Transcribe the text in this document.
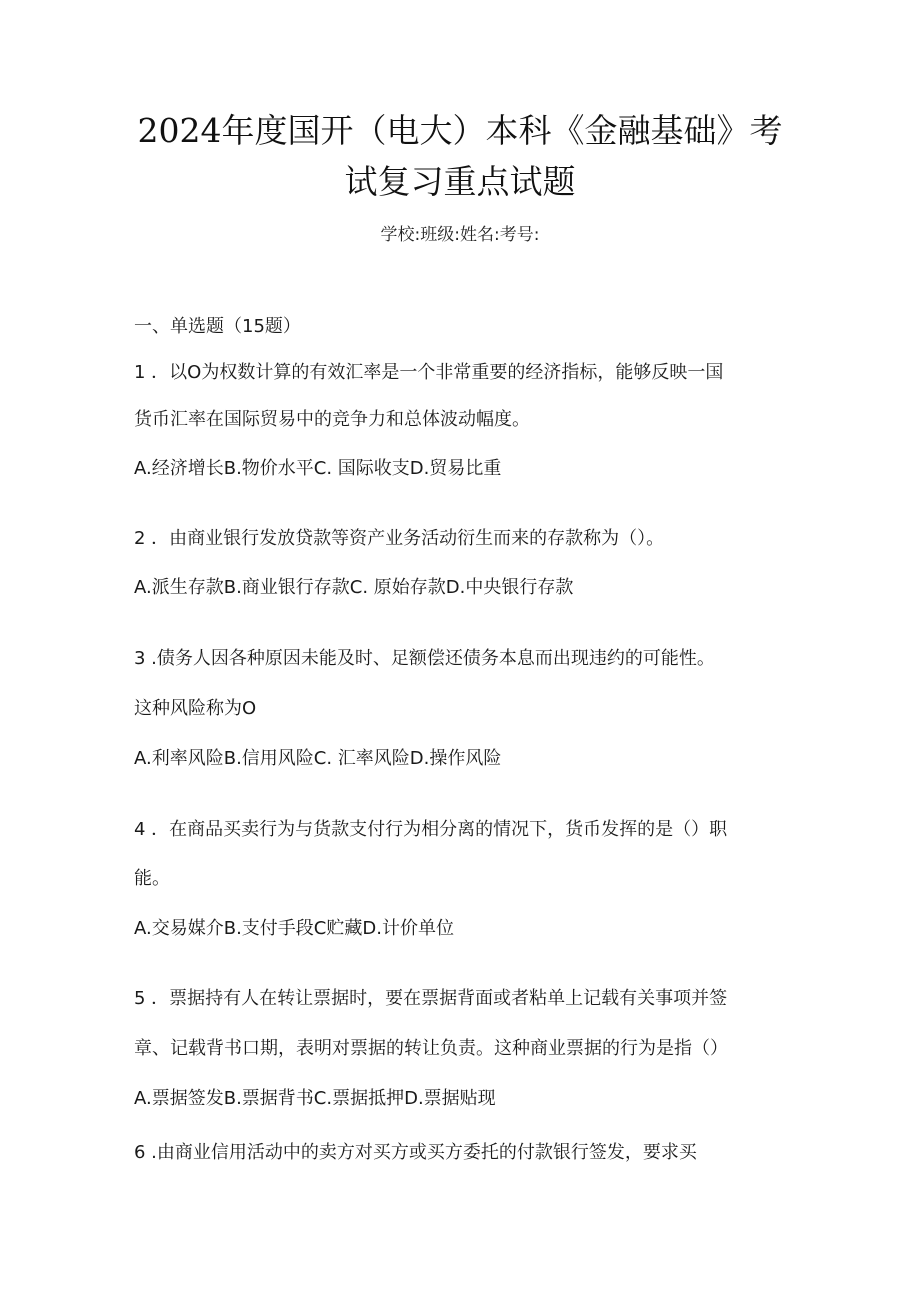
2024年度国开（电大）本科《金融基础》考
试复习重点试题
学校:班级:姓名:考号:
一、单选题（15题）
1 ．以O为权数计算的有效汇率是一个非常重要的经济指标，能够反映一国
货币汇率在国际贸易中的竞争力和总体波动幅度。
A.经济增长B.物价水平C. 国际收支D.贸易比重
2 ．由商业银行发放贷款等资产业务活动衍生而来的存款称为（）。
A.派生存款B.商业银行存款C. 原始存款D.中央银行存款
3 .债务人因各种原因未能及时、足额偿还债务本息而出现违约的可能性。
这种风险称为O
A.利率风险B.信用风险C. 汇率风险D.操作风险
4 ．在商品买卖行为与货款支付行为相分离的情况下，货币发挥的是（）职
能。
A.交易媒介B.支付手段C贮藏D.计价单位
5 ．票据持有人在转让票据时，要在票据背面或者粘单上记载有关事项并签
章、记载背书口期，表明对票据的转让负责。这种商业票据的行为是指（）
A.票据签发B.票据背书C.票据抵押D.票据贴现
6 .由商业信用活动中的卖方对买方或买方委托的付款银行签发，要求买
